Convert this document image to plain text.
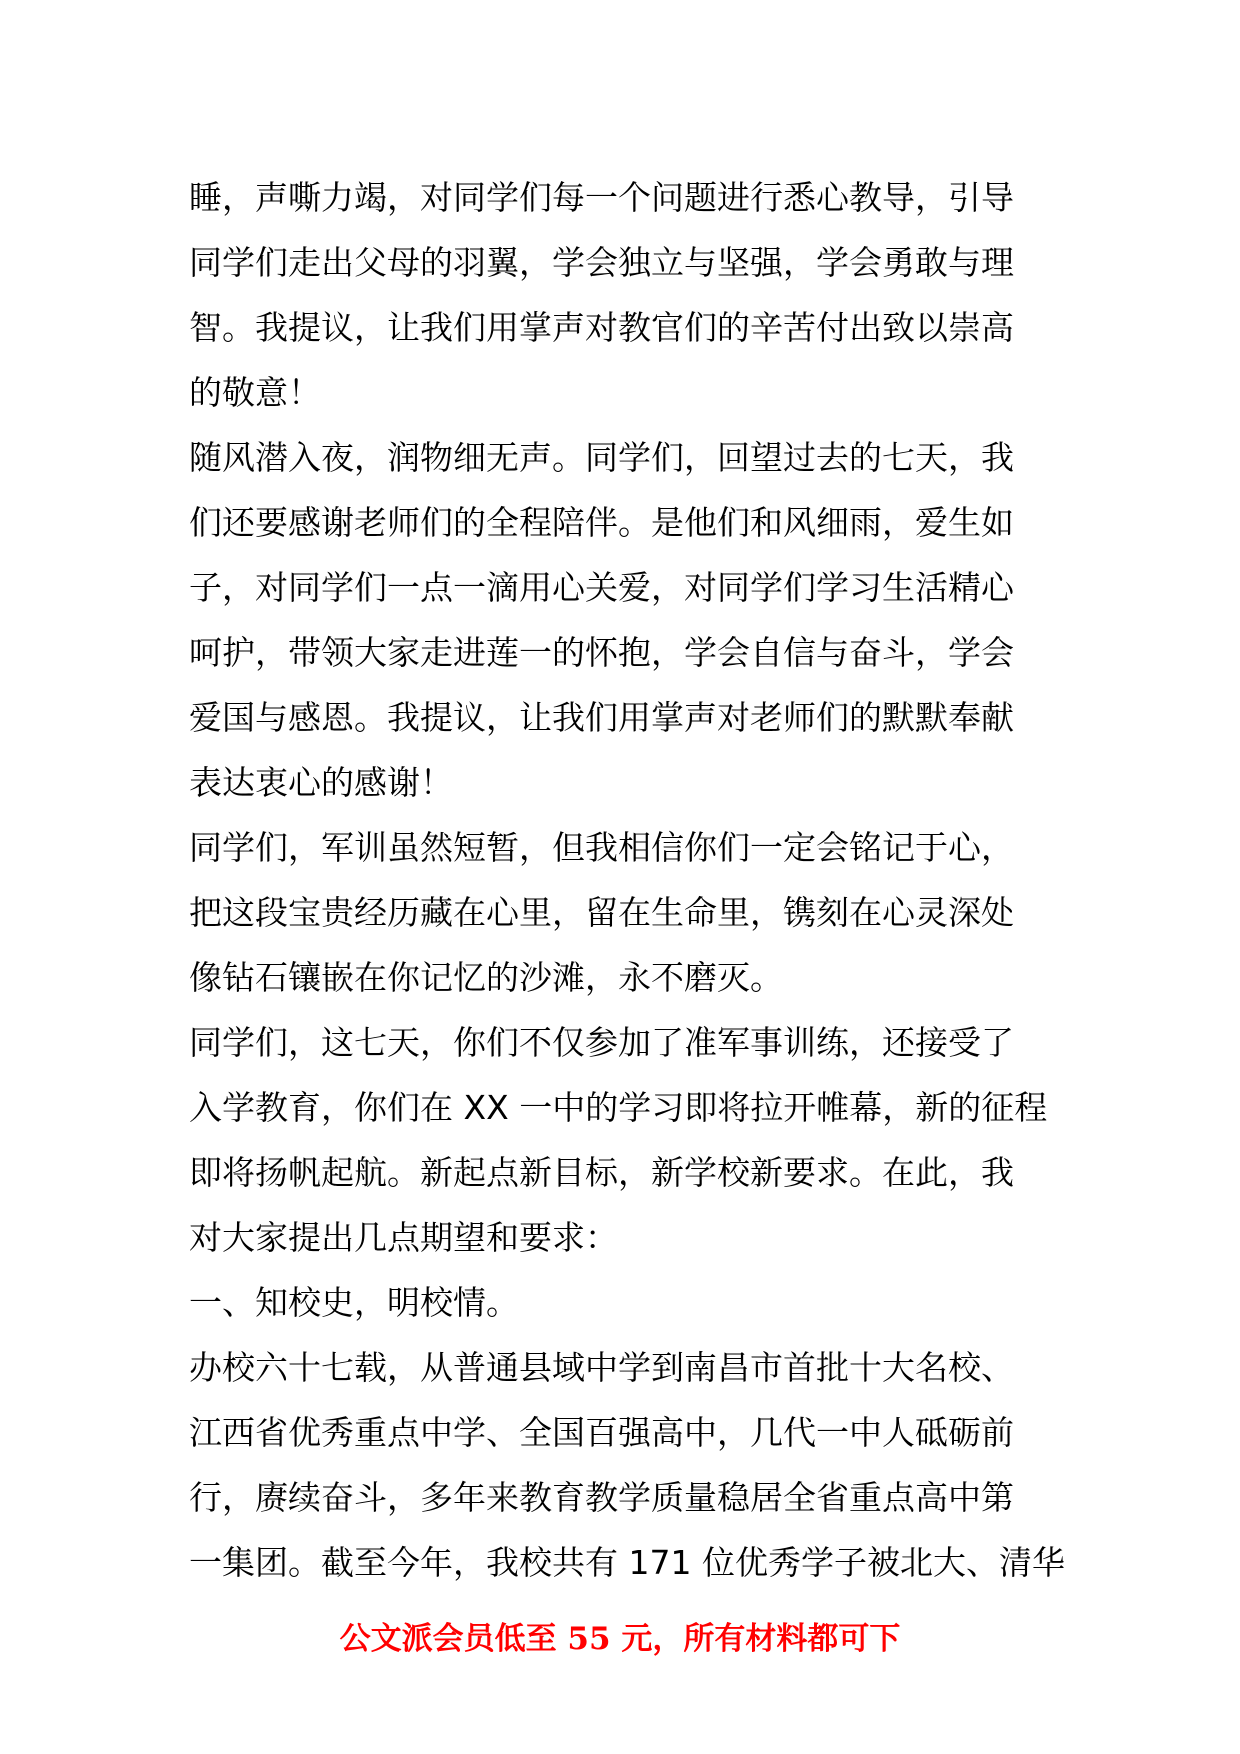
睡，声嘶力竭，对同学们每一个问题进行悉心教导，引导
同学们走出父母的羽翼，学会独立与坚强，学会勇敢与理
智。我提议，让我们用掌声对教官们的辛苦付出致以崇高
的敬意！
随风潜入夜，润物细无声。同学们，回望过去的七天，我
们还要感谢老师们的全程陪伴。是他们和风细雨，爱生如
子，对同学们一点一滴用心关爱，对同学们学习生活精心
呵护，带领大家走进莲一的怀抱，学会自信与奋斗，学会
爱国与感恩。我提议，让我们用掌声对老师们的默默奉献
表达衷心的感谢！
同学们，军训虽然短暂，但我相信你们一定会铭记于心，
把这段宝贵经历藏在心里，留在生命里，镌刻在心灵深处
像钻石镶嵌在你记忆的沙滩，永不磨灭。
同学们，这七天，你们不仅参加了准军事训练，还接受了
入学教育，你们在 XX 一中的学习即将拉开帷幕，新的征程
即将扬帆起航。新起点新目标，新学校新要求。在此，我
对大家提出几点期望和要求：
一、知校史，明校情。
办校六十七载，从普通县域中学到南昌市首批十大名校、
江西省优秀重点中学、全国百强高中，几代一中人砥砺前
行，赓续奋斗，多年来教育教学质量稳居全省重点高中第
一集团。截至今年，我校共有 171 位优秀学子被北大、清华
公文派会员低至 55 元，所有材料都可下
